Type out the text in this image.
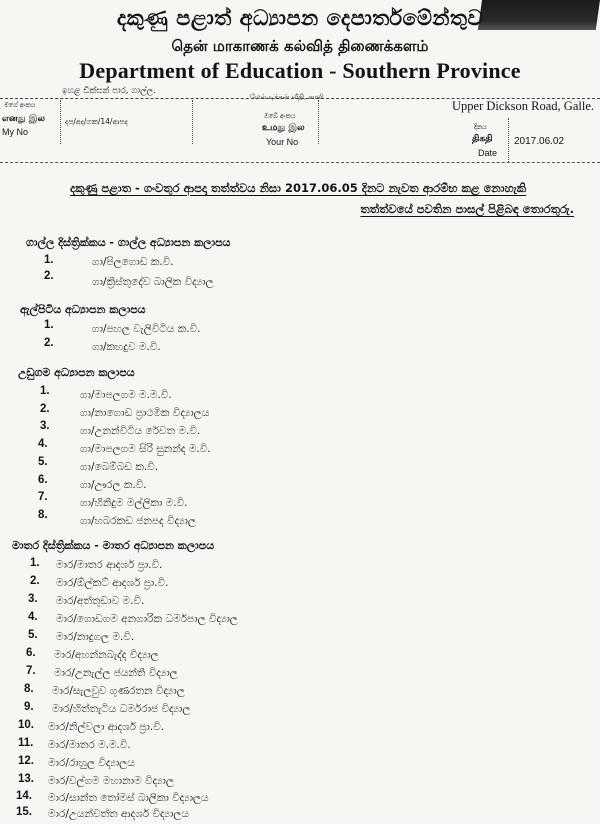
දකුණු පළාත් අධ්‍යාපන දෙපාර්තමේන්තුව
தென் மாகாணக் கல்வித் திணைக்களம்
Department of Education - Southern Province
ඉහළ ඩික්සන් පාර, ගාල්ල.
மேல் டிக்சன் வீதி, காலி
Upper Dickson Road, Galle.
මගේ අංකය
எனது இல
My No
දප/අද/ගක/14/ආපද
ඔබේ අංකය
உமது இல
Your No
දිනය
திகதி
Date
2017.06.02
දකුණු පළාත - ගංවතුර ආපදා තත්ත්වය නිසා 2017.06.05 දිනට නැවත ආරම්භ කළ නොහැකි
තත්ත්වයේ පවතින පාසල් පිළිබඳ තොරතුරු.
ගාල්ල දිස්ත්‍රික්කය - ගාල්ල අධ්‍යාපන කලාපය
1.	ගා/පිලගොඩ ක.වි.
2.	ගා/ක්‍රිස්තුදේව බාලික විද්‍යාල
ඇල්පිටිය අධ්‍යාපන කලාපය
1.	ගා/පහල වැලිවිටිය ක.වි.
2.	ගා/කහදුව ම.වි.
උඩුගම අධ්‍යාපන කලාපය
1.	ගා/මාපලගම ම.ම.වි.
2.	ගා/නාගොඩ ප්‍රාථමික විද්‍යාලය
3.	ගා/උනන්විටිය රේවත ම.වි.
4.	ගා/මාපලගම සිරි සුනන්ද ම.වි.
5.	ගා/බෙම්බඩ ක.වි.
6.	ගා/ඌරල ක.වි.
7.	ගා/හිනිදුම මල්ලිකා ම.වි.
8.	ගා/හබරකඩ ජනපද විද්‍යාල
මාතර දිස්ත්‍රික්කය - මාතර අධ්‍යාපන කලාපය
1. මාර/මාතර ආදර්ශ ප්‍රා.වි.
2. මාර/ඕල්කට් ආදර්ශ ප්‍රා.වි.
3. මාර/අත්තුඩාව ම.වි.
4. මාර/ගොඩගම අනගාරික ධර්මපාල විද්‍යාල
5. මාර/නාදුගල ම.වි.
6. මාර/අහන්නබැද්ද විද්‍යාල
7. මාර/උනැල්ල ජයන්ති විද්‍යාල
8. මාර/සැලවුව ගුණරතන විද්‍යාල
9. මාර/හිත්තැටිය ධර්මරාජ විද්‍යාල
10. මාර/නිල්වලා ආදර්ශ ප්‍රා.වි.
11. මාර/මාතර ම.ම.වි.
12. මාර/රාහුල විද්‍යාලය
13. මාර/වල්ගම මහානාම විද්‍යාල
14. මාර/සාන්ත තෝමස් බාලිකා විද්‍යාලය
15. මාර/උයන්වත්ත ආදර්ශ විද්‍යාලය
